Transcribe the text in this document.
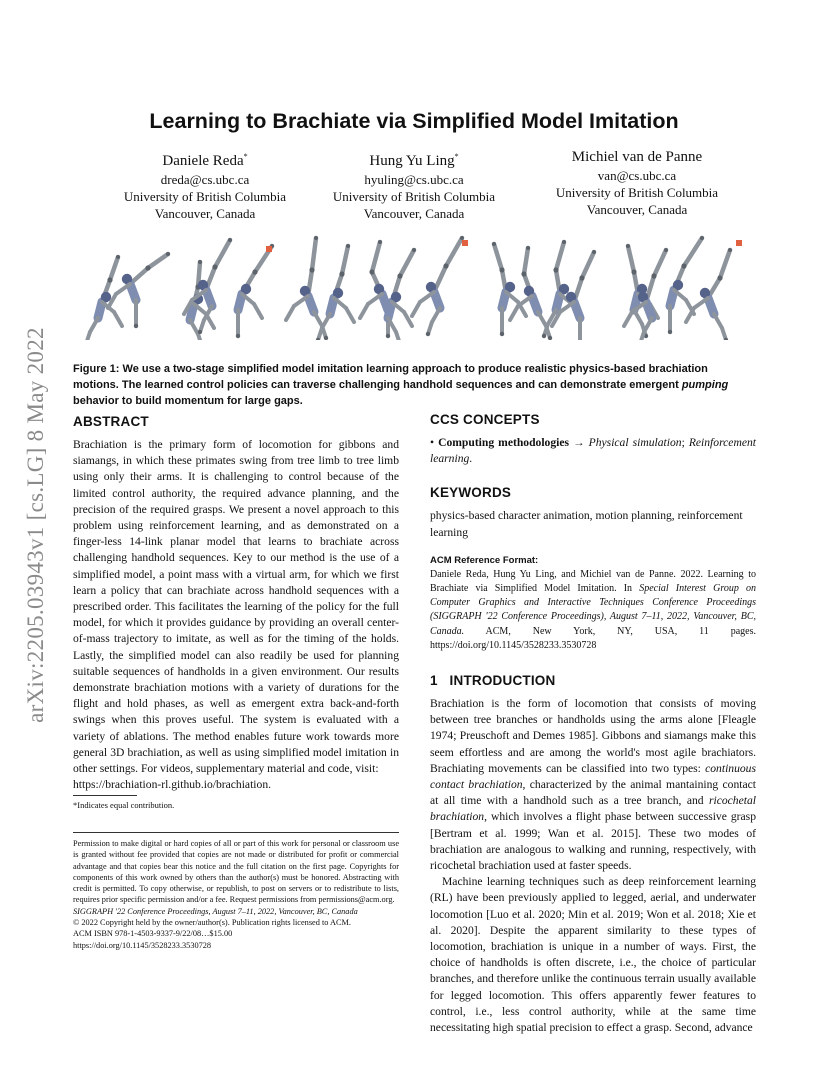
arXiv:2205.03943v1 [cs.LG] 8 May 2022
Learning to Brachiate via Simplified Model Imitation
Daniele Reda*
dreda@cs.ubc.ca
University of British Columbia
Vancouver, Canada
Hung Yu Ling*
hyuling@cs.ubc.ca
University of British Columbia
Vancouver, Canada
Michiel van de Panne
van@cs.ubc.ca
University of British Columbia
Vancouver, Canada
Figure 1: We use a two-stage simplified model imitation learning approach to produce realistic physics-based brachiation motions. The learned control policies can traverse challenging handhold sequences and can demonstrate emergent pumping behavior to build momentum for large gaps.
ABSTRACT

Brachiation is the primary form of locomotion for gibbons and siamangs, in which these primates swing from tree limb to tree limb using only their arms. It is challenging to control because of the limited control authority, the required advance planning, and the precision of the required grasps. We present a novel approach to this problem using reinforcement learning, and as demonstrated on a finger-less 14-link planar model that learns to brachiate across challenging handhold sequences. Key to our method is the use of a simplified model, a point mass with a virtual arm, for which we first learn a policy that can brachiate across handhold sequences with a prescribed order. This facilitates the learning of the policy for the full model, for which it provides guidance by providing an overall center-of-mass trajectory to imitate, as well as for the timing of the holds. Lastly, the simplified model can also readily be used for planning suitable sequences of handholds in a given environment. Our results demonstrate brachiation motions with a variety of durations for the flight and hold phases, as well as emergent extra back-and-forth swings when this proves useful. The system is evaluated with a variety of ablations. The method enables future work towards more general 3D brachiation, as well as using simplified model imitation in other settings. For videos, supplementary material and code, visit:
https://brachiation-rl.github.io/brachiation.

*Indicates equal contribution.
Permission to make digital or hard copies of all or part of this work for personal or classroom use is granted without fee provided that copies are not made or distributed for profit or commercial advantage and that copies bear this notice and the full citation on the first page. Copyrights for components of this work owned by others than the author(s) must be honored. Abstracting with credit is permitted. To copy otherwise, or republish, to post on servers or to redistribute to lists, requires prior specific permission and/or a fee. Request permissions from permissions@acm.org.
SIGGRAPH '22 Conference Proceedings, August 7–11, 2022, Vancouver, BC, Canada
© 2022 Copyright held by the owner/author(s). Publication rights licensed to ACM.
ACM ISBN 978-1-4503-9337-9/22/08…$15.00
https://doi.org/10.1145/3528233.3530728
CCS CONCEPTS

• Computing methodologies → Physical simulation; Reinforcement learning.

KEYWORDS

physics-based character animation, motion planning, reinforcement learning

ACM Reference Format:

Daniele Reda, Hung Yu Ling, and Michiel van de Panne. 2022. Learning to Brachiate via Simplified Model Imitation. In Special Interest Group on Computer Graphics and Interactive Techniques Conference Proceedings (SIGGRAPH '22 Conference Proceedings), August 7–11, 2022, Vancouver, BC, Canada. ACM, New York, NY, USA, 11 pages. https://doi.org/10.1145/3528233.3530728

1   INTRODUCTION

Brachiation is the form of locomotion that consists of moving between tree branches or handholds using the arms alone [Fleagle 1974; Preuschoft and Demes 1985]. Gibbons and siamangs make this seem effortless and are among the world's most agile brachiators. Brachiating movements can be classified into two types: continuous contact brachiation, characterized by the animal mantaining contact at all time with a handhold such as a tree branch, and ricochetal brachiation, which involves a flight phase between successive grasp [Bertram et al. 1999; Wan et al. 2015]. These two modes of brachiation are analogous to walking and running, respectively, with ricochetal brachiation used at faster speeds.

Machine learning techniques such as deep reinforcement learning (RL) have been previously applied to legged, aerial, and underwater locomotion [Luo et al. 2020; Min et al. 2019; Won et al. 2018; Xie et al. 2020]. Despite the apparent similarity to these types of locomotion, brachiation is unique in a number of ways. First, the choice of handholds is often discrete, i.e., the choice of particular branches, and therefore unlike the continuous terrain usually available for legged locomotion. This offers apparently fewer features to control, i.e., less control authority, while at the same time necessitating high spatial precision to effect a grasp. Second, advance
